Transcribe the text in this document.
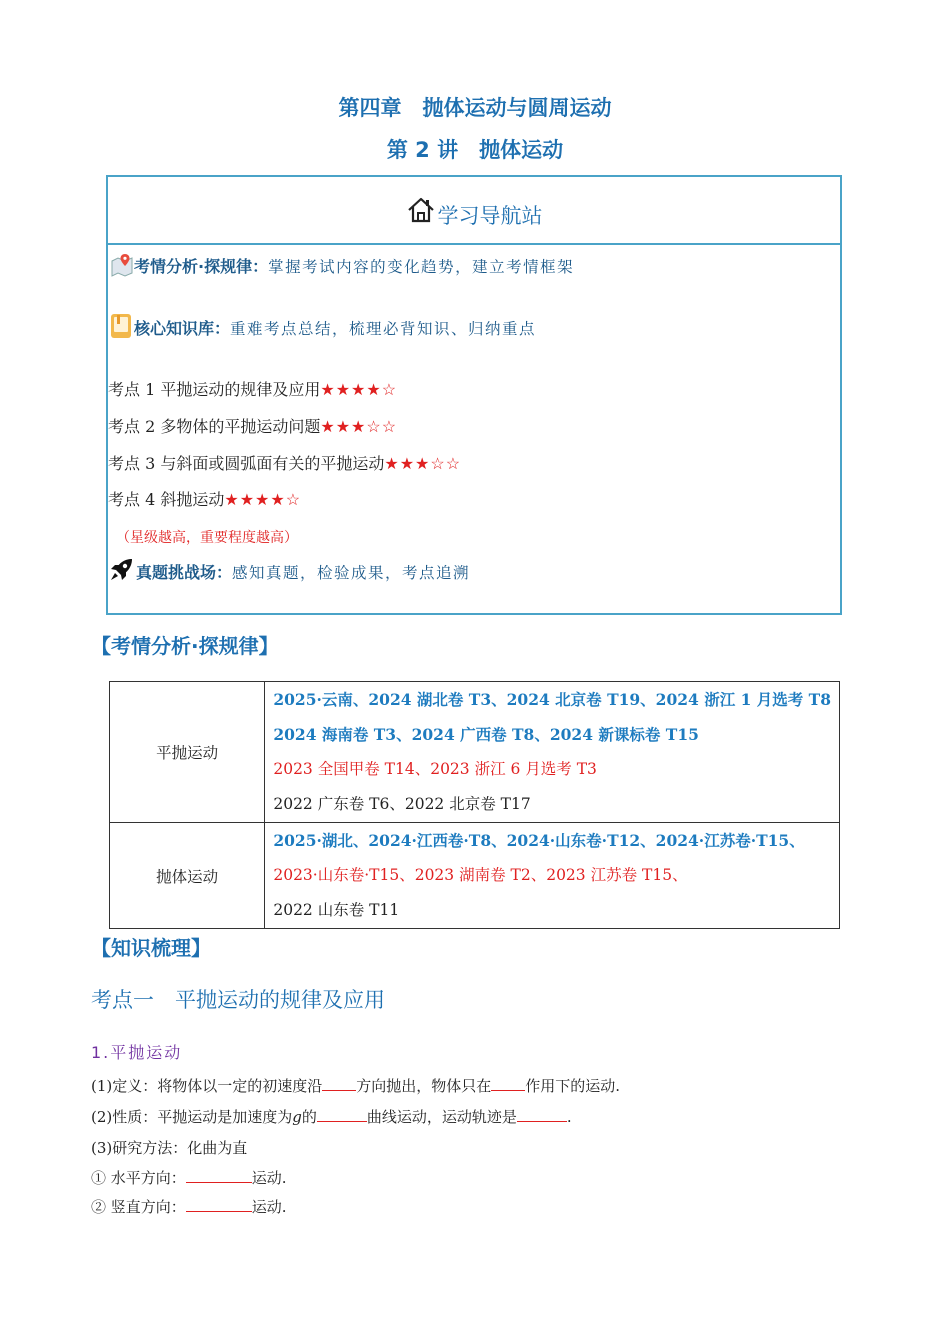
第四章　抛体运动与圆周运动
第 2 讲　抛体运动
学习导航站
考情分析·探规律： 掌握考试内容的变化趋势，建立考情框架
核心知识库： 重难考点总结，梳理必背知识、归纳重点
考点 1 平抛运动的规律及应用★★★★☆
考点 2 多物体的平抛运动问题★★★☆☆
考点 3 与斜面或圆弧面有关的平抛运动★★★☆☆
考点 4 斜抛运动★★★★☆
（星级越高，重要程度越高）
真题挑战场： 感知真题，检验成果，考点追溯
【考情分析·探规律】
平抛运动	2025·云南、2024 湖北卷 T3、2024 北京卷 T19、2024 浙江 1 月选考 T8
2024 海南卷 T3、2024 广西卷 T8、2024 新课标卷 T15
2023 全国甲卷 T14、2023 浙江 6 月选考 T3
2022 广东卷 T6、2022 北京卷 T17

抛体运动	2025·湖北、2024·江西卷·T8、2024·山东卷·T12、2024·江苏卷·T15、
2023·山东卷·T15、2023 湖南卷 T2、2023 江苏卷 T15、
2022 山东卷 T11
【知识梳理】
考点一　平抛运动的规律及应用
1.平抛运动
(1)定义：将物体以一定的初速度沿 方向抛出，物体只在 作用下的运动.
(2)性质：平抛运动是加速度为g的	曲线运动，运动轨迹是	.
(3)研究方法：化曲为直
① 水平方向：	运动.
② 竖直方向：	运动.
